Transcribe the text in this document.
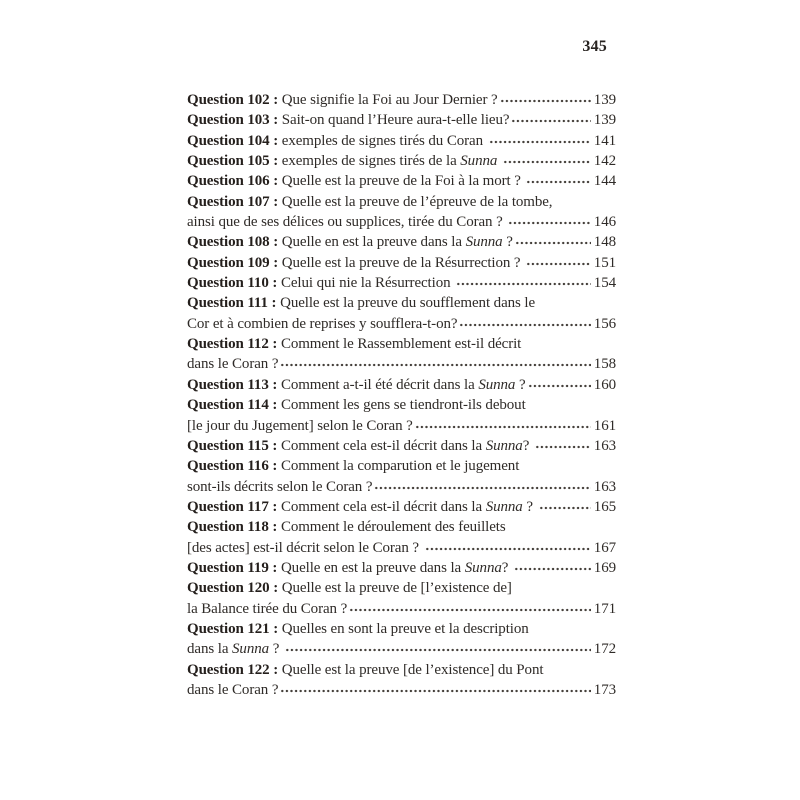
345
Question 102 : Que signifie la Foi au Jour Dernier ?	139
Question 103 : Sait-on quand l’Heure aura-t-elle lieu?	139
Question 104 : exemples de signes tirés du Coran	141
Question 105 : exemples de signes tirés de la Sunna	142
Question 106 : Quelle est la preuve de la Foi à la mort ?	144
Question 107 : Quelle est la preuve de l’épreuve de la tombe,
ainsi que de ses délices ou supplices, tirée du Coran ?	146
Question 108 : Quelle en est la preuve dans la Sunna ?	148
Question 109 : Quelle est la preuve de la Résurrection ?	151
Question 110 : Celui qui nie la Résurrection	154
Question 111 : Quelle est la preuve du soufflement dans le
Cor et à combien de reprises y soufflera-t-on?	156
Question 112 : Comment le Rassemblement est-il décrit
dans le Coran ?	158
Question 113 : Comment a-t-il été décrit dans la Sunna ?	160
Question 114 : Comment les gens se tiendront-ils debout
[le jour du Jugement] selon le Coran ?	161
Question 115 : Comment cela est-il décrit dans la Sunna?	163
Question 116 : Comment la comparution et le jugement
sont-ils décrits selon le Coran ?	163
Question 117 : Comment cela est-il décrit dans la Sunna ?	165
Question 118 : Comment le déroulement des feuillets
[des actes] est-il décrit selon le Coran ?	167
Question 119 : Quelle en est la preuve dans la Sunna?	169
Question 120 : Quelle est la preuve de [l’existence de]
la Balance tirée du Coran ?	171
Question 121 : Quelles en sont la preuve et la description
dans la Sunna ?	172
Question 122 : Quelle est la preuve [de l’existence] du Pont
dans le Coran ?	173
